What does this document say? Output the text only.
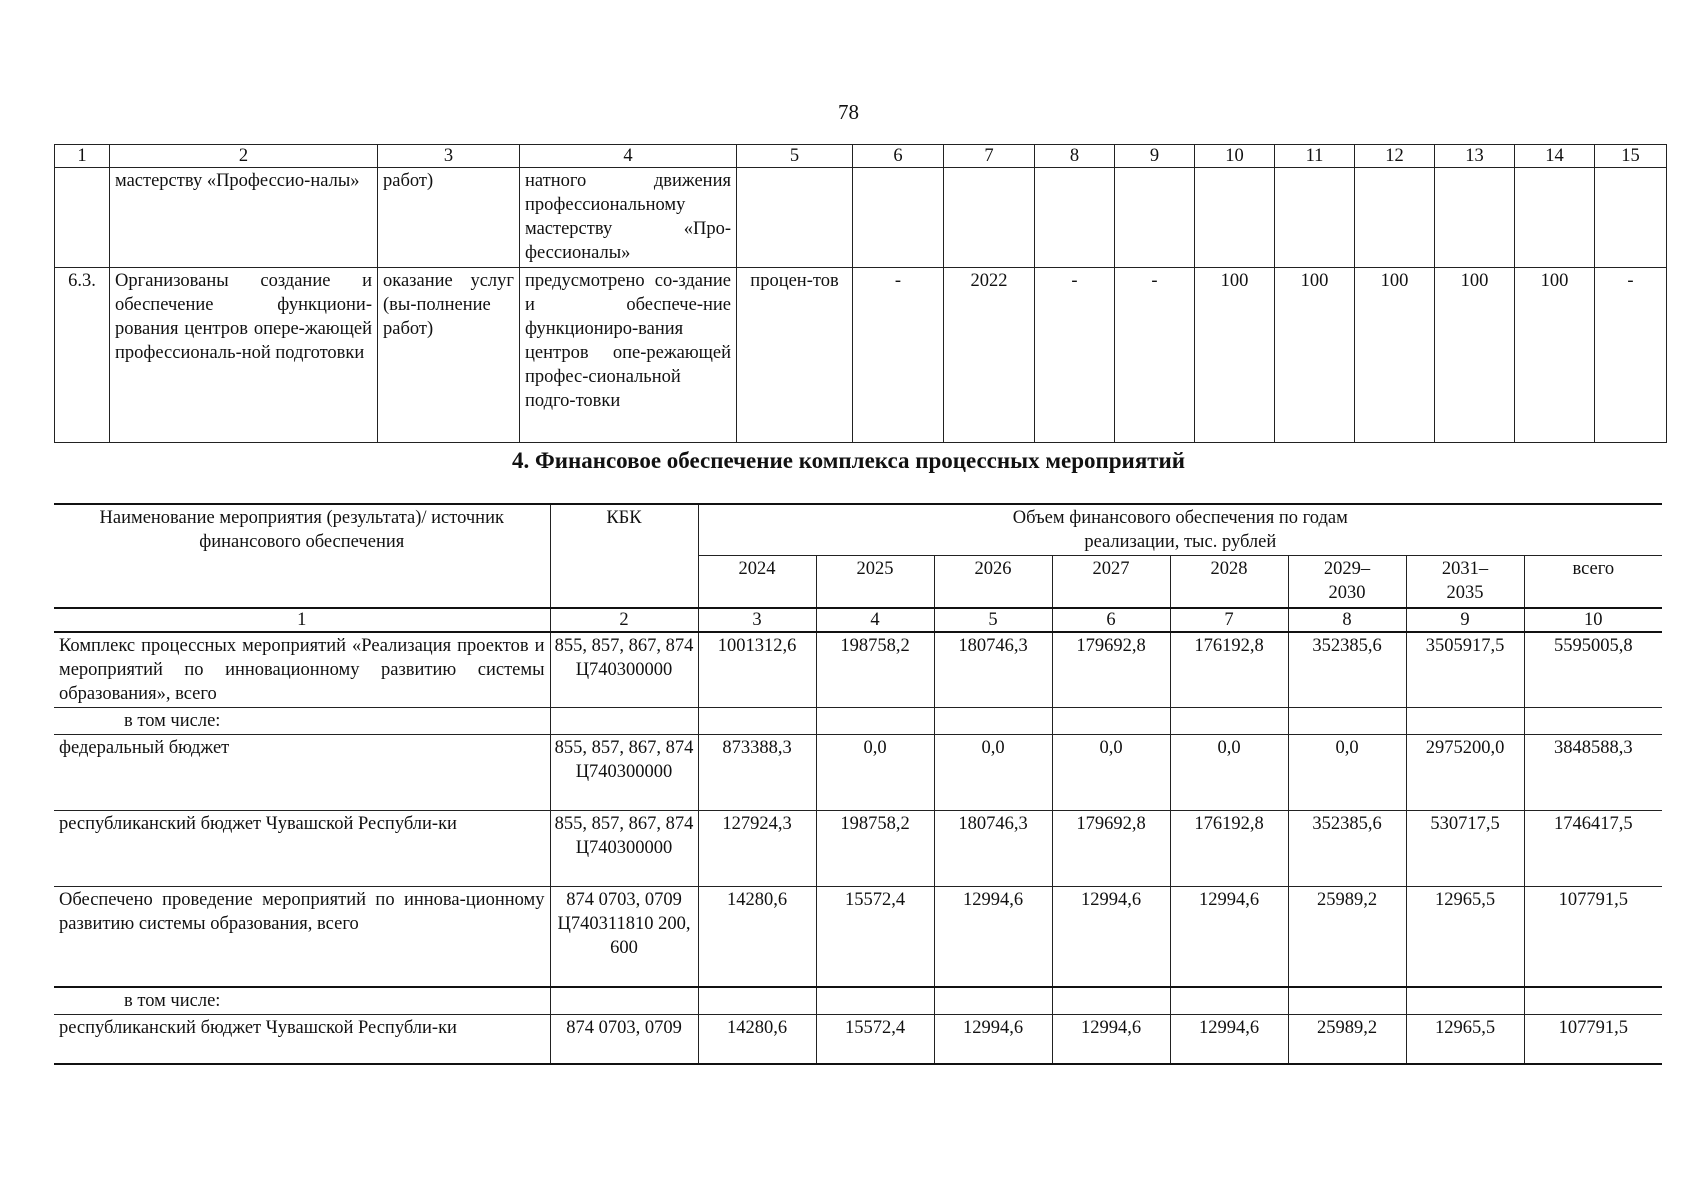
78
1	2	3	4	5	6	7	8	9	10	11	12	13	14	15
	мастерству «Профессио-налы»	работ)	натного движения профессиональному мастерству «Про-фессионалы»											
6.3.	Организованы создание и обеспечение функциони-рования центров опере-жающей профессиональ-ной подготовки	оказание услуг (вы-полнение работ)	предусмотрено со-здание и обеспече-ние функциониро-вания центров опе-режающей профес-сиональной подго-товки	процен-тов	-	2022	-	-	100	100	100	100	100	-
4. Финансовое обеспечение комплекса процессных мероприятий
Наименование мероприятия (результата)/ источник финансового обеспечения	КБК	Объем финансового обеспечения по годам реализации, тыс. рублей							
		2024	2025	2026	2027	2028	2029–2030	2031–2035	всего
1	2	3	4	5	6	7	8	9	10
Комплекс процессных мероприятий «Реализация проектов и мероприятий по инновационному развитию системы образования», всего	855, 857, 867, 874 Ц740300000	1001312,6	198758,2	180746,3	179692,8	176192,8	352385,6	3505917,5	5595005,8
в том числе:									
федеральный бюджет	855, 857, 867, 874 Ц740300000	873388,3	0,0	0,0	0,0	0,0	0,0	2975200,0	3848588,3
республиканский бюджет Чувашской Республи-ки	855, 857, 867, 874 Ц740300000	127924,3	198758,2	180746,3	179692,8	176192,8	352385,6	530717,5	1746417,5
Обеспечено проведение мероприятий по иннова-ционному развитию системы образования, всего	874 0703, 0709 Ц740311810 200, 600	14280,6	15572,4	12994,6	12994,6	12994,6	25989,2	12965,5	107791,5
в том числе:									
республиканский бюджет Чувашской Республи-ки	874 0703, 0709	14280,6	15572,4	12994,6	12994,6	12994,6	25989,2	12965,5	107791,5
